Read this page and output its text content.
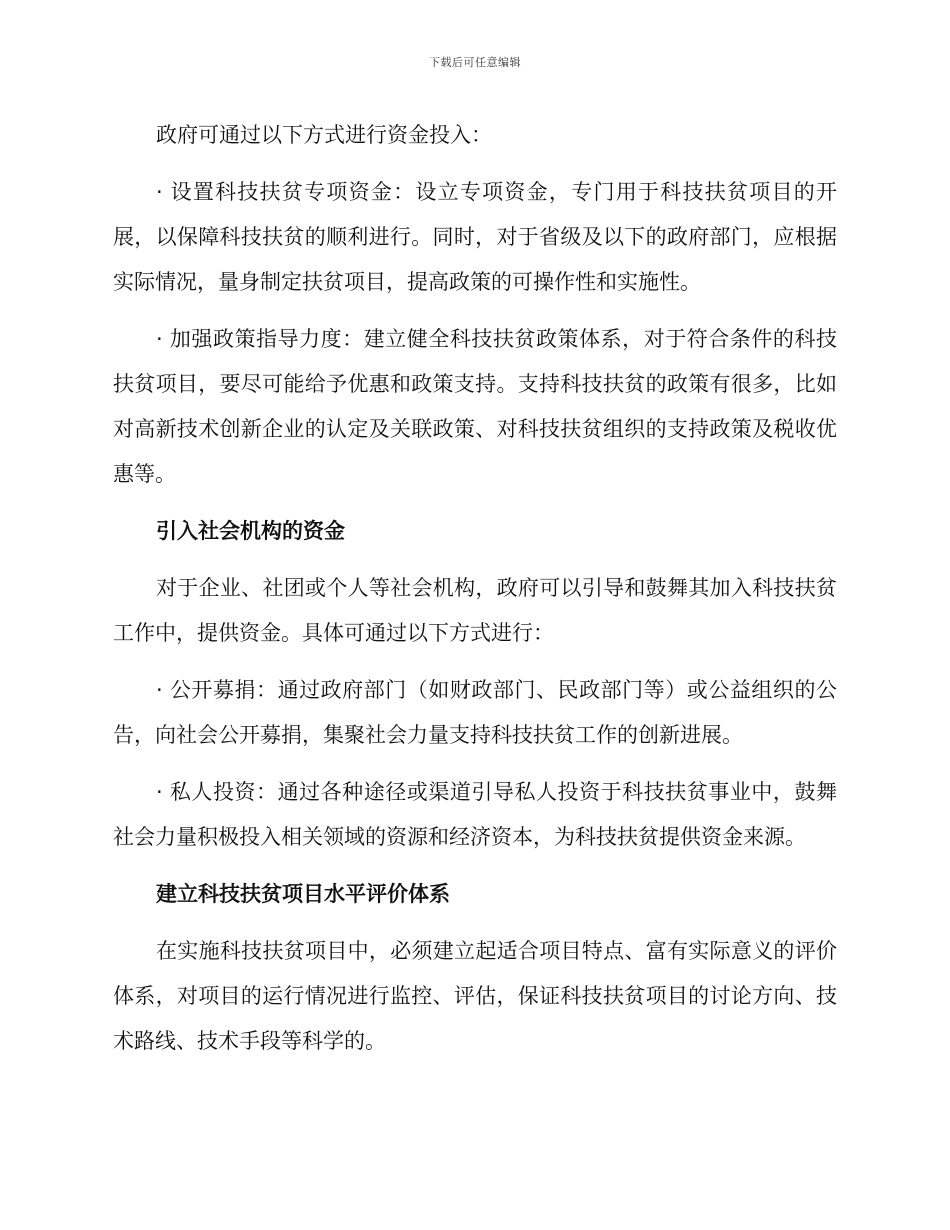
下载后可任意编辑

政府可通过以下方式进行资金投入：

· 设置科技扶贫专项资金：设立专项资金，专门用于科技扶贫项目的开展，以保障科技扶贫的顺利进行。同时，对于省级及以下的政府部门，应根据实际情况，量身制定扶贫项目，提高政策的可操作性和实施性。

· 加强政策指导力度：建立健全科技扶贫政策体系，对于符合条件的科技扶贫项目，要尽可能给予优惠和政策支持。支持科技扶贫的政策有很多，比如对高新技术创新企业的认定及关联政策、对科技扶贫组织的支持政策及税收优惠等。

引入社会机构的资金

对于企业、社团或个人等社会机构，政府可以引导和鼓舞其加入科技扶贫工作中，提供资金。具体可通过以下方式进行：

· 公开募捐：通过政府部门（如财政部门、民政部门等）或公益组织的公告，向社会公开募捐，集聚社会力量支持科技扶贫工作的创新进展。

· 私人投资：通过各种途径或渠道引导私人投资于科技扶贫事业中，鼓舞社会力量积极投入相关领域的资源和经济资本，为科技扶贫提供资金来源。

建立科技扶贫项目水平评价体系

在实施科技扶贫项目中，必须建立起适合项目特点、富有实际意义的评价体系，对项目的运行情况进行监控、评估，保证科技扶贫项目的讨论方向、技术路线、技术手段等科学的。
